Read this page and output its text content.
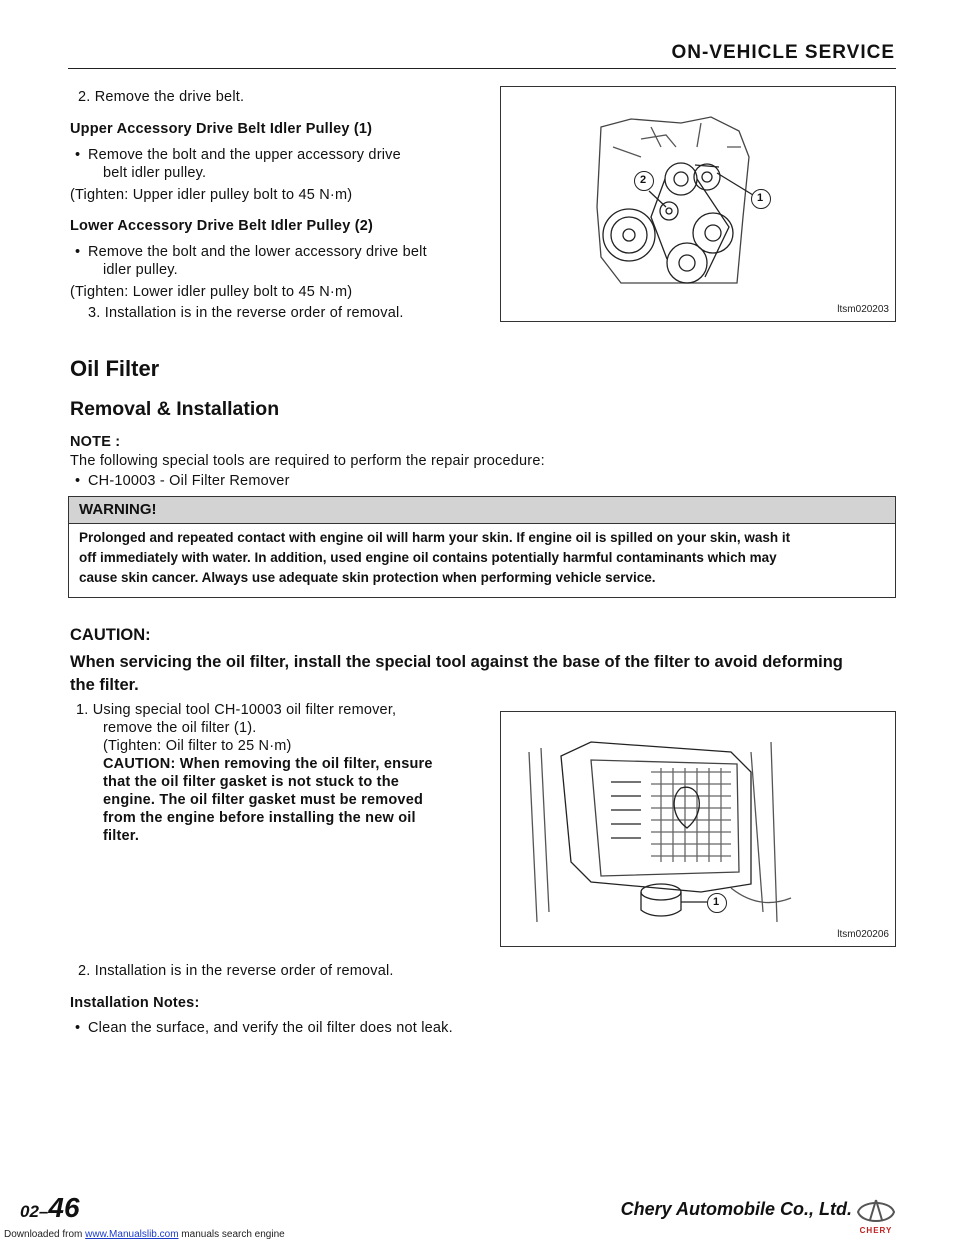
ON-VEHICLE SERVICE
2. Remove the drive belt.
Upper Accessory Drive Belt Idler Pulley (1)
• Remove the bolt and the upper accessory drive
belt idler pulley.
(Tighten: Upper idler pulley bolt to 45 N·m)
Lower Accessory Drive Belt Idler Pulley (2)
• Remove the bolt and the lower accessory drive belt
idler pulley.
(Tighten: Lower idler pulley bolt to 45 N·m)
3. Installation is in the reverse order of removal.
2
1
ltsm020203
Oil Filter
Removal & Installation
NOTE :
The following special tools are required to perform the repair procedure:
• CH-10003 - Oil Filter Remover
WARNING!
Prolonged and repeated contact with engine oil will harm your skin. If engine oil is spilled on your skin, wash it
off immediately with water. In addition, used engine oil contains potentially harmful contaminants which may
cause skin cancer. Always use adequate skin protection when performing vehicle service.
CAUTION:
When servicing the oil filter, install the special tool against the base of the filter to avoid deforming
the filter.
1. Using special tool CH-10003 oil filter remover,
remove the oil filter (1).
(Tighten: Oil filter to 25 N·m)
CAUTION: When removing the oil filter, ensure
that the oil filter gasket is not stuck to the
engine. The oil filter gasket must be removed
from the engine before installing the new oil
filter.
1
ltsm020206
2. Installation is in the reverse order of removal.
Installation Notes:
• Clean the surface, and verify the oil filter does not leak.
02–46	Chery Automobile Co., Ltd.
CHERY
Downloaded from www.Manualslib.com manuals search engine
